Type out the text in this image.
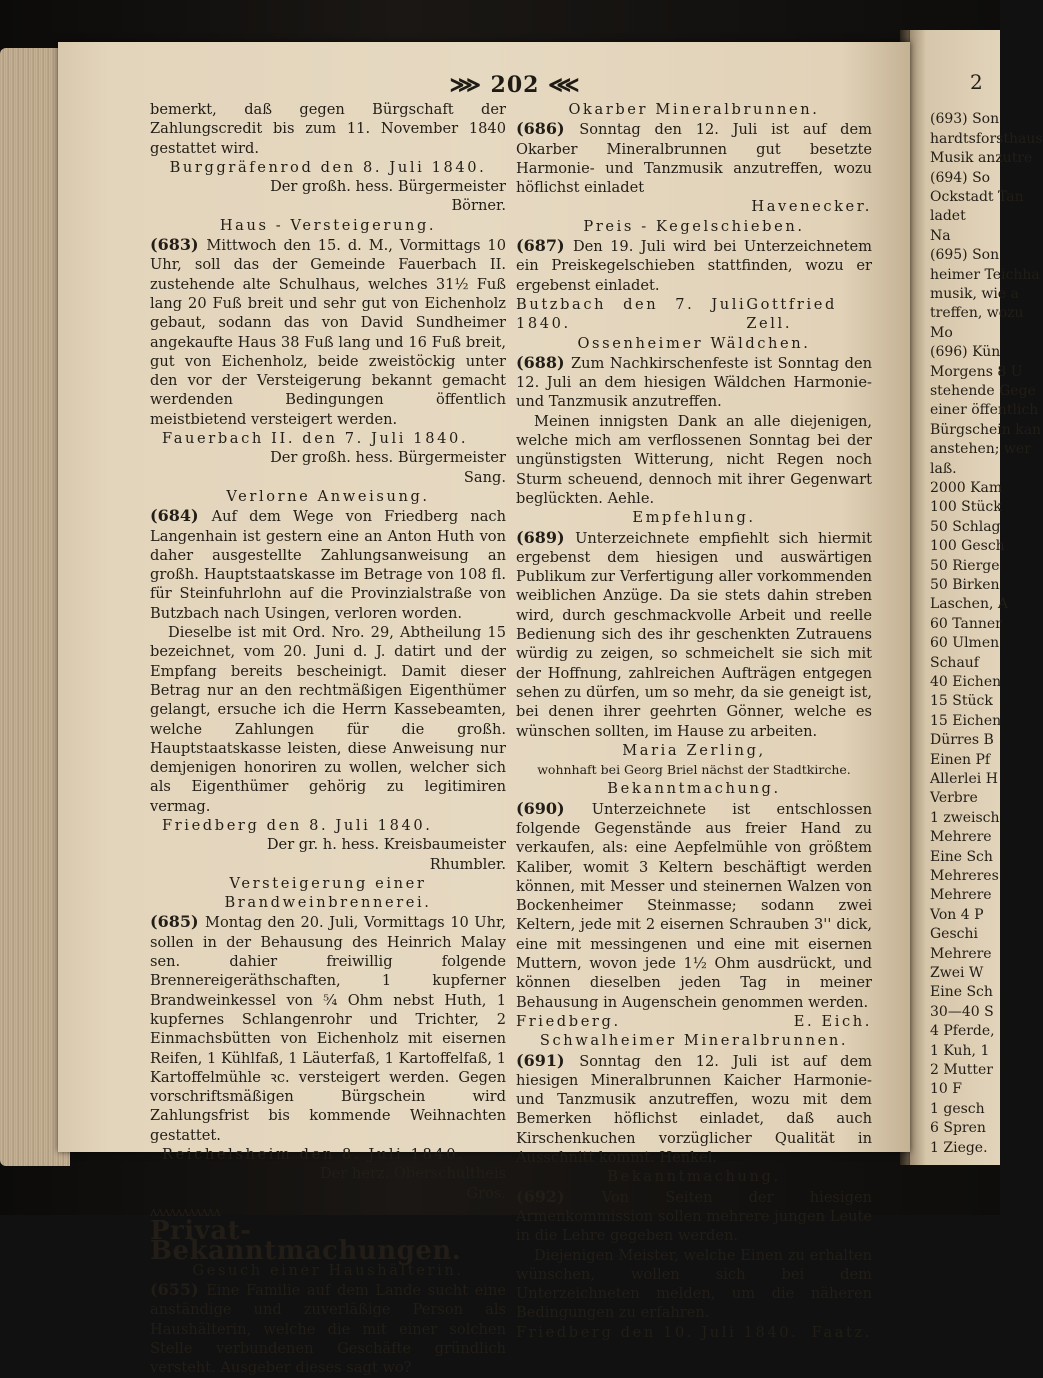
2
(693) Son
hardtsforsthaus
Musik anzutre
(694) So
Ockstadt Tan
ladet
Na
(695) Son
heimer Teichha
musik, wie a
treffen, wozu
Mo
(696) Kün
Morgens 8 U
stehende Gege
einer öffentlich
Bürgschein kan
anstehen; wer
laß.
2000 Kam
100 Stück
50 Schlag
100 Gesch
50 Rierge
50 Birken
Laschen, A
60 Tanner
60 Ulmen
Schauf
40 Eichen
15 Stück
15 Eichen
Dürres B
Einen Pf
Allerlei H
Verbre
1 zweisch
Mehrere
Eine Sch
Mehreres
Mehrere
Von 4 P
Geschi
Mehrere
Zwei W
Eine Sch
30—40 S
4 Pferde,
1 Kuh, 1
2 Mutter
10 F
1 gesch
6 Spren
1 Ziege.
⋙ 202 ⋘

bemerkt, daß gegen Bürgschaft der Zahlungscredit bis zum 11. November 1840 gestattet wird.

Burggräfenrod den 8. Juli 1840.

Der großh. hess. Bürgermeister

Börner.

Haus - Versteigerung.

(683) Mittwoch den 15. d. M., Vormittags 10 Uhr, soll das der Gemeinde Fauerbach II. zustehende alte Schulhaus, welches 31½ Fuß lang 20 Fuß breit und sehr gut von Eichenholz gebaut, sodann das von David Sundheimer angekaufte Haus 38 Fuß lang und 16 Fuß breit, gut von Eichenholz, beide zweistöckig unter den vor der Versteigerung bekannt gemacht werdenden Bedingungen öffentlich meistbietend versteigert werden.

Fauerbach II. den 7. Juli 1840.

Der großh. hess. Bürgermeister

Sang.

Verlorne Anweisung.

(684) Auf dem Wege von Friedberg nach Langenhain ist gestern eine an Anton Huth von daher ausgestellte Zahlungsanweisung an großh. Hauptstaatskasse im Betrage von 108 fl. für Steinfuhrlohn auf die Provinzialstraße von Butzbach nach Usingen, verloren worden.

Dieselbe ist mit Ord. Nro. 29, Abtheilung 15 bezeichnet, vom 20. Juni d. J. datirt und der Empfang bereits bescheinigt. Damit dieser Betrag nur an den rechtmäßigen Eigenthümer gelangt, ersuche ich die Herrn Kassebeamten, welche Zahlungen für die großh. Hauptstaatskasse leisten, diese Anweisung nur demjenigen honoriren zu wollen, welcher sich als Eigenthümer gehörig zu legitimiren vermag.

Friedberg den 8. Juli 1840.

Der gr. h. hess. Kreisbaumeister

Rhumbler.

Versteigerung einer Brandweinbrennerei.

(685) Montag den 20. Juli, Vormittags 10 Uhr, sollen in der Behausung des Heinrich Malay sen. dahier freiwillig folgende Brennereigeräthschaften, 1 kupferner Brandweinkessel von ⁵⁄₄ Ohm nebst Huth, 1 kupfernes Schlangenrohr und Trichter, 2 Einmachsbütten von Eichenholz mit eisernen Reifen, 1 Kühlfaß, 1 Läuterfaß, 1 Kartoffelfaß, 1 Kartoffelmühle ꝛc. versteigert werden. Gegen vorschriftsmäßigen Bürgschein wird Zahlungsfrist bis kommende Weihnachten gestattet.

Reichelsheim den 8. Juli 1840.

Der herz. Oberschultheis

Gros.

ʌʌʌʌʌʌʌʌʌʌʌ

Privat-Bekanntmachungen.

Gesuch einer Haushälterin.

(655) Eine Familie auf dem Lande sucht eine anständige und zuverläßige Person als Haushälterin, welche die mit einer solchen Stelle verbundenen Geschäfte gründlich versteht. Ausgeber dieses sagt wo?

Okarber Mineralbrunnen.

(686) Sonntag den 12. Juli ist auf dem Okarber Mineralbrunnen gut besetzte Harmonie- und Tanzmusik anzutreffen, wozu höflichst einladet

Havenecker.

Preis - Kegelschieben.

(687) Den 19. Juli wird bei Unterzeichnetem ein Preiskegelschieben stattfinden, wozu er ergebenst einladet.

Butzbach den 7. Juli 1840.
Gottfried Zell.

Ossenheimer Wäldchen.

(688) Zum Nachkirschenfeste ist Sonntag den 12. Juli an dem hiesigen Wäldchen Harmonie- und Tanzmusik anzutreffen.

Meinen innigsten Dank an alle diejenigen, welche mich am verflossenen Sonntag bei der ungünstigsten Witterung, nicht Regen noch Sturm scheuend, dennoch mit ihrer Gegenwart beglückten. Aehle.

Empfehlung.

(689) Unterzeichnete empfiehlt sich hiermit ergebenst dem hiesigen und auswärtigen Publikum zur Verfertigung aller vorkommenden weiblichen Anzüge. Da sie stets dahin streben wird, durch geschmackvolle Arbeit und reelle Bedienung sich des ihr geschenkten Zutrauens würdig zu zeigen, so schmeichelt sie sich mit der Hoffnung, zahlreichen Aufträgen entgegen sehen zu dürfen, um so mehr, da sie geneigt ist, bei denen ihrer geehrten Gönner, welche es wünschen sollten, im Hause zu arbeiten.

Maria Zerling,

wohnhaft bei Georg Briel nächst der Stadtkirche.

Bekanntmachung.

(690) Unterzeichnete ist entschlossen folgende Gegenstände aus freier Hand zu verkaufen, als: eine Aepfelmühle von größtem Kaliber, womit 3 Keltern beschäftigt werden können, mit Messer und steinernen Walzen von Bockenheimer Steinmasse; sodann zwei Keltern, jede mit 2 eisernen Schrauben 3'' dick, eine mit messingenen und eine mit eisernen Muttern, wovon jede 1½ Ohm ausdrückt, und können dieselben jeden Tag in meiner Behausung in Augenschein genommen werden.

Friedberg.	E. Eich.

Schwalheimer Mineralbrunnen.

(691) Sonntag den 12. Juli ist auf dem hiesigen Mineralbrunnen Kaicher Harmonie- und Tanzmusik anzutreffen, wozu mit dem Bemerken höflichst einladet, daß auch Kirschenkuchen vorzüglicher Qualität in Ausschnitt kommt. Henkel.

Bekanntmachung.

(692) Von Seiten der hiesigen Armenkommission sollen mehrere jungen Leute in die Lehre gegeben werden.

Diejenigen Meister, welche Einen zu erhalten wünschen, wollen sich bei dem Unterzeichneten melden, um die näheren Bedingungen zu erfahren.

Friedberg den 10. Juli 1840. Faatz.
